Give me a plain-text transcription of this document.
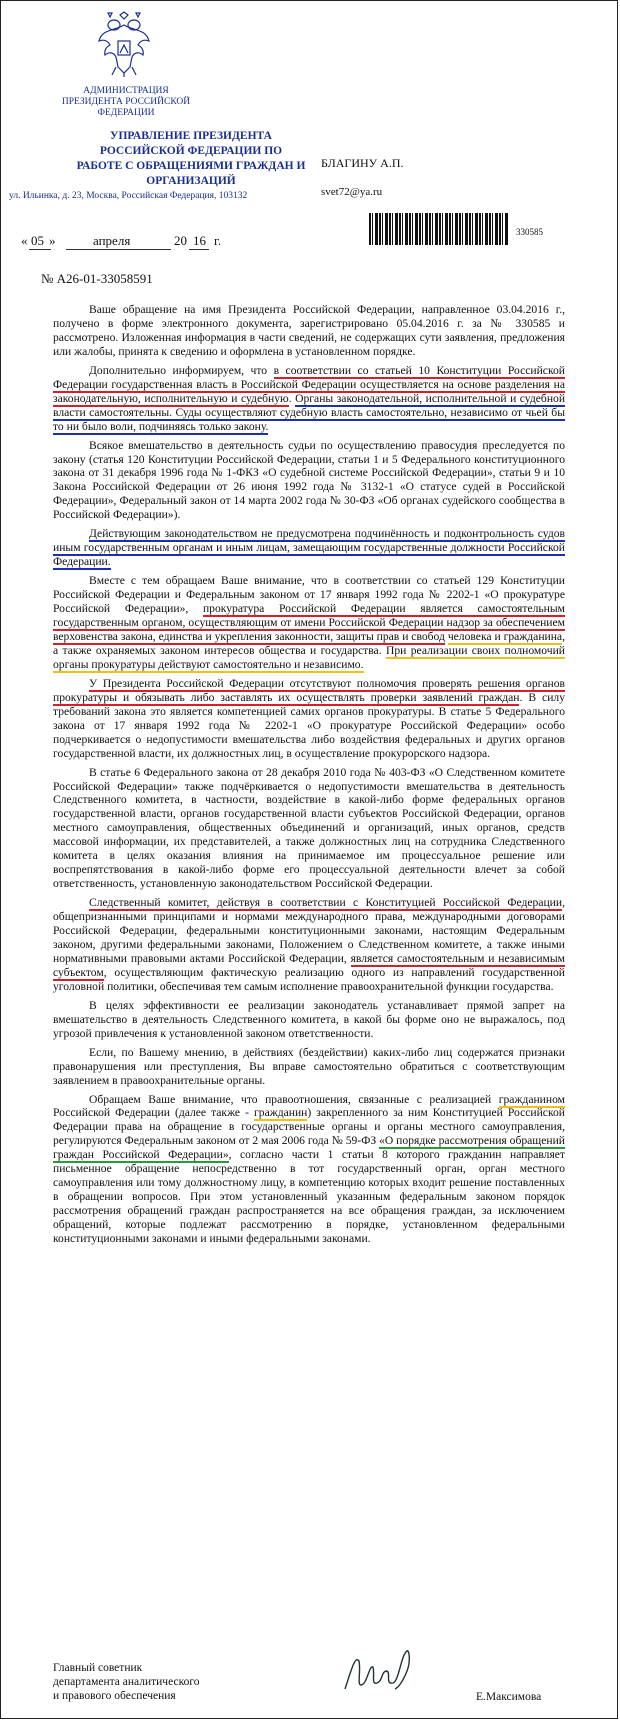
АДМИНИСТРАЦИЯ ПРЕЗИДЕНТА РОССИЙСКОЙ ФЕДЕРАЦИИ
УПРАВЛЕНИЕ ПРЕЗИДЕНТА РОССИЙСКОЙ ФЕДЕРАЦИИ ПО РАБОТЕ С ОБРАЩЕНИЯМИ ГРАЖДАН И ОРГАНИЗАЦИЙ
ул. Ильинка, д. 23, Москва, Российская Федерация, 103132
БЛАГИНУ А.П.
svet72@ya.ru
« 05 »	апреля	20 16 г.
330585
№ А26-01-33058591

Ваше обращение на имя Президента Российской Федерации, направленное 03.04.2016 г., получено в форме электронного документа, зарегистрировано 05.04.2016 г. за № 330585 и рассмотрено. Изложенная информация в части сведений, не содержащих сути заявления, предложения или жалобы, принята к сведению и оформлена в установленном порядке.

Дополнительно информируем, что в соответствии со статьей 10 Конституции Российской Федерации государственная власть в Российской Федерации осуществляется на основе разделения на законодательную, исполнительную и судебную. Органы законодательной, исполнительной и судебной власти самостоятельны. Суды осуществляют судебную власть самостоятельно, независимо от чьей бы то ни было воли, подчиняясь только закону.

Всякое вмешательство в деятельность судьи по осуществлению правосудия преследуется по закону (статья 120 Конституции Российской Федерации, статьи 1 и 5 Федерального конституционного закона от 31 декабря 1996 года № 1-ФКЗ «О судебной системе Российской Федерации», статьи 9 и 10 Закона Российской Федерации от 26 июня 1992 года № 3132-1 «О статусе судей в Российской Федерации», Федеральный закон от 14 марта 2002 года № 30-ФЗ «Об органах судейского сообщества в Российской Федерации»).

Действующим законодательством не предусмотрена подчинённость и подконтрольность судов иным государственным органам и иным лицам, замещающим государственные должности Российской Федерации.

Вместе с тем обращаем Ваше внимание, что в соответствии со статьей 129 Конституции Российской Федерации и Федеральным законом от 17 января 1992 года № 2202-1 «О прокуратуре Российской Федерации», прокуратура Российской Федерации является самостоятельным государственным органом, осуществляющим от имени Российской Федерации надзор за обеспечением верховенства закона, единства и укрепления законности, защиты прав и свобод человека и гражданина, а также охраняемых законом интересов общества и государства. При реализации своих полномочий органы прокуратуры действуют самостоятельно и независимо.

У Президента Российской Федерации отсутствуют полномочия проверять решения органов прокуратуры и обязывать либо заставлять их осуществлять проверки заявлений граждан. В силу требований закона это является компетенцией самих органов прокуратуры. В статье 5 Федерального закона от 17 января 1992 года № 2202-1 «О прокуратуре Российской Федерации» особо подчеркивается о недопустимости вмешательства либо воздействия федеральных и других органов государственной власти, их должностных лиц, в осуществление прокурорского надзора.

В статье 6 Федерального закона от 28 декабря 2010 года № 403-ФЗ «О Следственном комитете Российской Федерации» также подчёркивается о недопустимости вмешательства в деятельность Следственного комитета, в частности, воздействие в какой-либо форме федеральных органов государственной власти, органов государственной власти субъектов Российской Федерации, органов местного самоуправления, общественных объединений и организаций, иных органов, средств массовой информации, их представителей, а также должностных лиц на сотрудника Следственного комитета в целях оказания влияния на принимаемое им процессуальное решение или воспрепятствования в какой-либо форме его процессуальной деятельности влечет за собой ответственность, установленную законодательством Российской Федерации.

Следственный комитет, действуя в соответствии с Конституцией Российской Федерации, общепризнанными принципами и нормами международного права, международными договорами Российской Федерации, федеральными конституционными законами, настоящим Федеральным законом, другими федеральными законами, Положением о Следственном комитете, а также иными нормативными правовыми актами Российской Федерации, является самостоятельным и независимым субъектом, осуществляющим фактическую реализацию одного из направлений государственной уголовной политики, обеспечивая тем самым исполнение правоохранительной функции государства.

В целях эффективности ее реализации законодатель устанавливает прямой запрет на вмешательство в деятельность Следственного комитета, в какой бы форме оно не выражалось, под угрозой привлечения к установленной законом ответственности.

Если, по Вашему мнению, в действиях (бездействии) каких-либо лиц содержатся признаки правонарушения или преступления, Вы вправе самостоятельно обратиться с соответствующим заявлением в правоохранительные органы.

Обращаем Ваше внимание, что правоотношения, связанные с реализацией гражданином Российской Федерации (далее также - гражданин) закрепленного за ним Конституцией Российской Федерации права на обращение в государственные органы и органы местного самоуправления, регулируются Федеральным законом от 2 мая 2006 года № 59-ФЗ «О порядке рассмотрения обращений граждан Российской Федерации», согласно части 1 статьи 8 которого гражданин направляет письменное обращение непосредственно в тот государственный орган, орган местного самоуправления или тому должностному лицу, в компетенцию которых входит решение поставленных в обращении вопросов. При этом установленный указанным федеральным законом порядок рассмотрения обращений граждан распространяется на все обращения граждан, за исключением обращений, которые подлежат рассмотрению в порядке, установленном федеральными конституционными законами и иными федеральными законами.

Главный советник
департамента аналитического
и правового обеспечения	Е.Максимова
